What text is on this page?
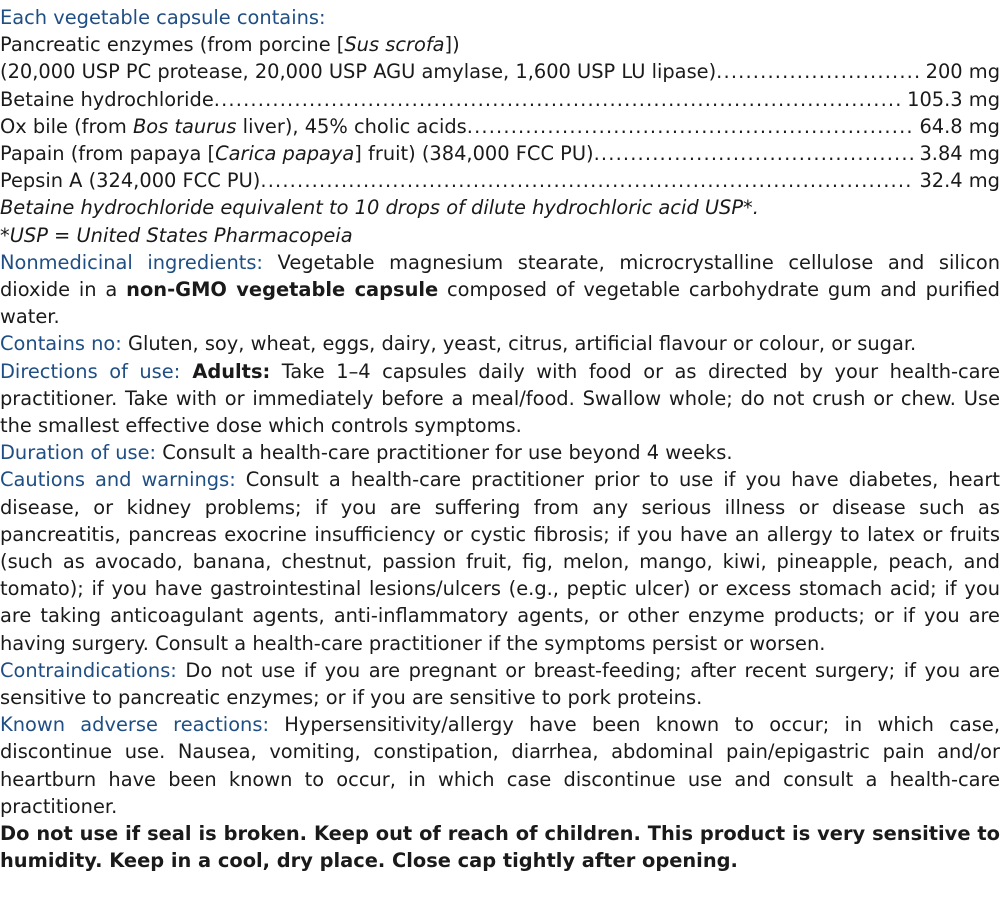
Each vegetable capsule contains:
Pancreatic enzymes (from porcine [Sus scrofa])
(20,000 USP PC protease, 20,000 USP AGU amylase, 1,600 USP LU lipase) . . .	200 mg
Betaine hydrochloride . . .	105.3 mg
Ox bile (from Bos taurus liver), 45% cholic acids . . .	64.8 mg
Papain (from papaya [Carica papaya] fruit) (384,000 FCC PU) . . .	3.84 mg
Pepsin A (324,000 FCC PU) . . .	32.4 mg
Betaine hydrochloride equivalent to 10 drops of dilute hydrochloric acid USP*.
*USP = United States Pharmacopeia
Nonmedicinal ingredients: Vegetable magnesium stearate, microcrystalline cellulose and silicon dioxide in a non-GMO vegetable capsule composed of vegetable carbohydrate gum and purified water.
Contains no: Gluten, soy, wheat, eggs, dairy, yeast, citrus, artificial flavour or colour, or sugar.
Directions of use: Adults: Take 1–4 capsules daily with food or as directed by your health-care practitioner. Take with or immediately before a meal/food. Swallow whole; do not crush or chew. Use the smallest effective dose which controls symptoms.
Duration of use: Consult a health-care practitioner for use beyond 4 weeks.
Cautions and warnings: Consult a health-care practitioner prior to use if you have diabetes, heart disease, or kidney problems; if you are suffering from any serious illness or disease such as pancreatitis, pancreas exocrine insufficiency or cystic fibrosis; if you have an allergy to latex or fruits (such as avocado, banana, chestnut, passion fruit, fig, melon, mango, kiwi, pineapple, peach, and tomato); if you have gastrointestinal lesions/ulcers (e.g., peptic ulcer) or excess stomach acid; if you are taking anticoagulant agents, anti-inflammatory agents, or other enzyme products; or if you are having surgery. Consult a health-care practitioner if the symptoms persist or worsen.
Contraindications: Do not use if you are pregnant or breast-feeding; after recent surgery; if you are sensitive to pancreatic enzymes; or if you are sensitive to pork proteins.
Known adverse reactions: Hypersensitivity/allergy have been known to occur; in which case, discontinue use. Nausea, vomiting, constipation, diarrhea, abdominal pain/epigastric pain and/or heartburn have been known to occur, in which case discontinue use and consult a health-care practitioner.
Do not use if seal is broken. Keep out of reach of children. This product is very sensitive to humidity. Keep in a cool, dry place. Close cap tightly after opening.
